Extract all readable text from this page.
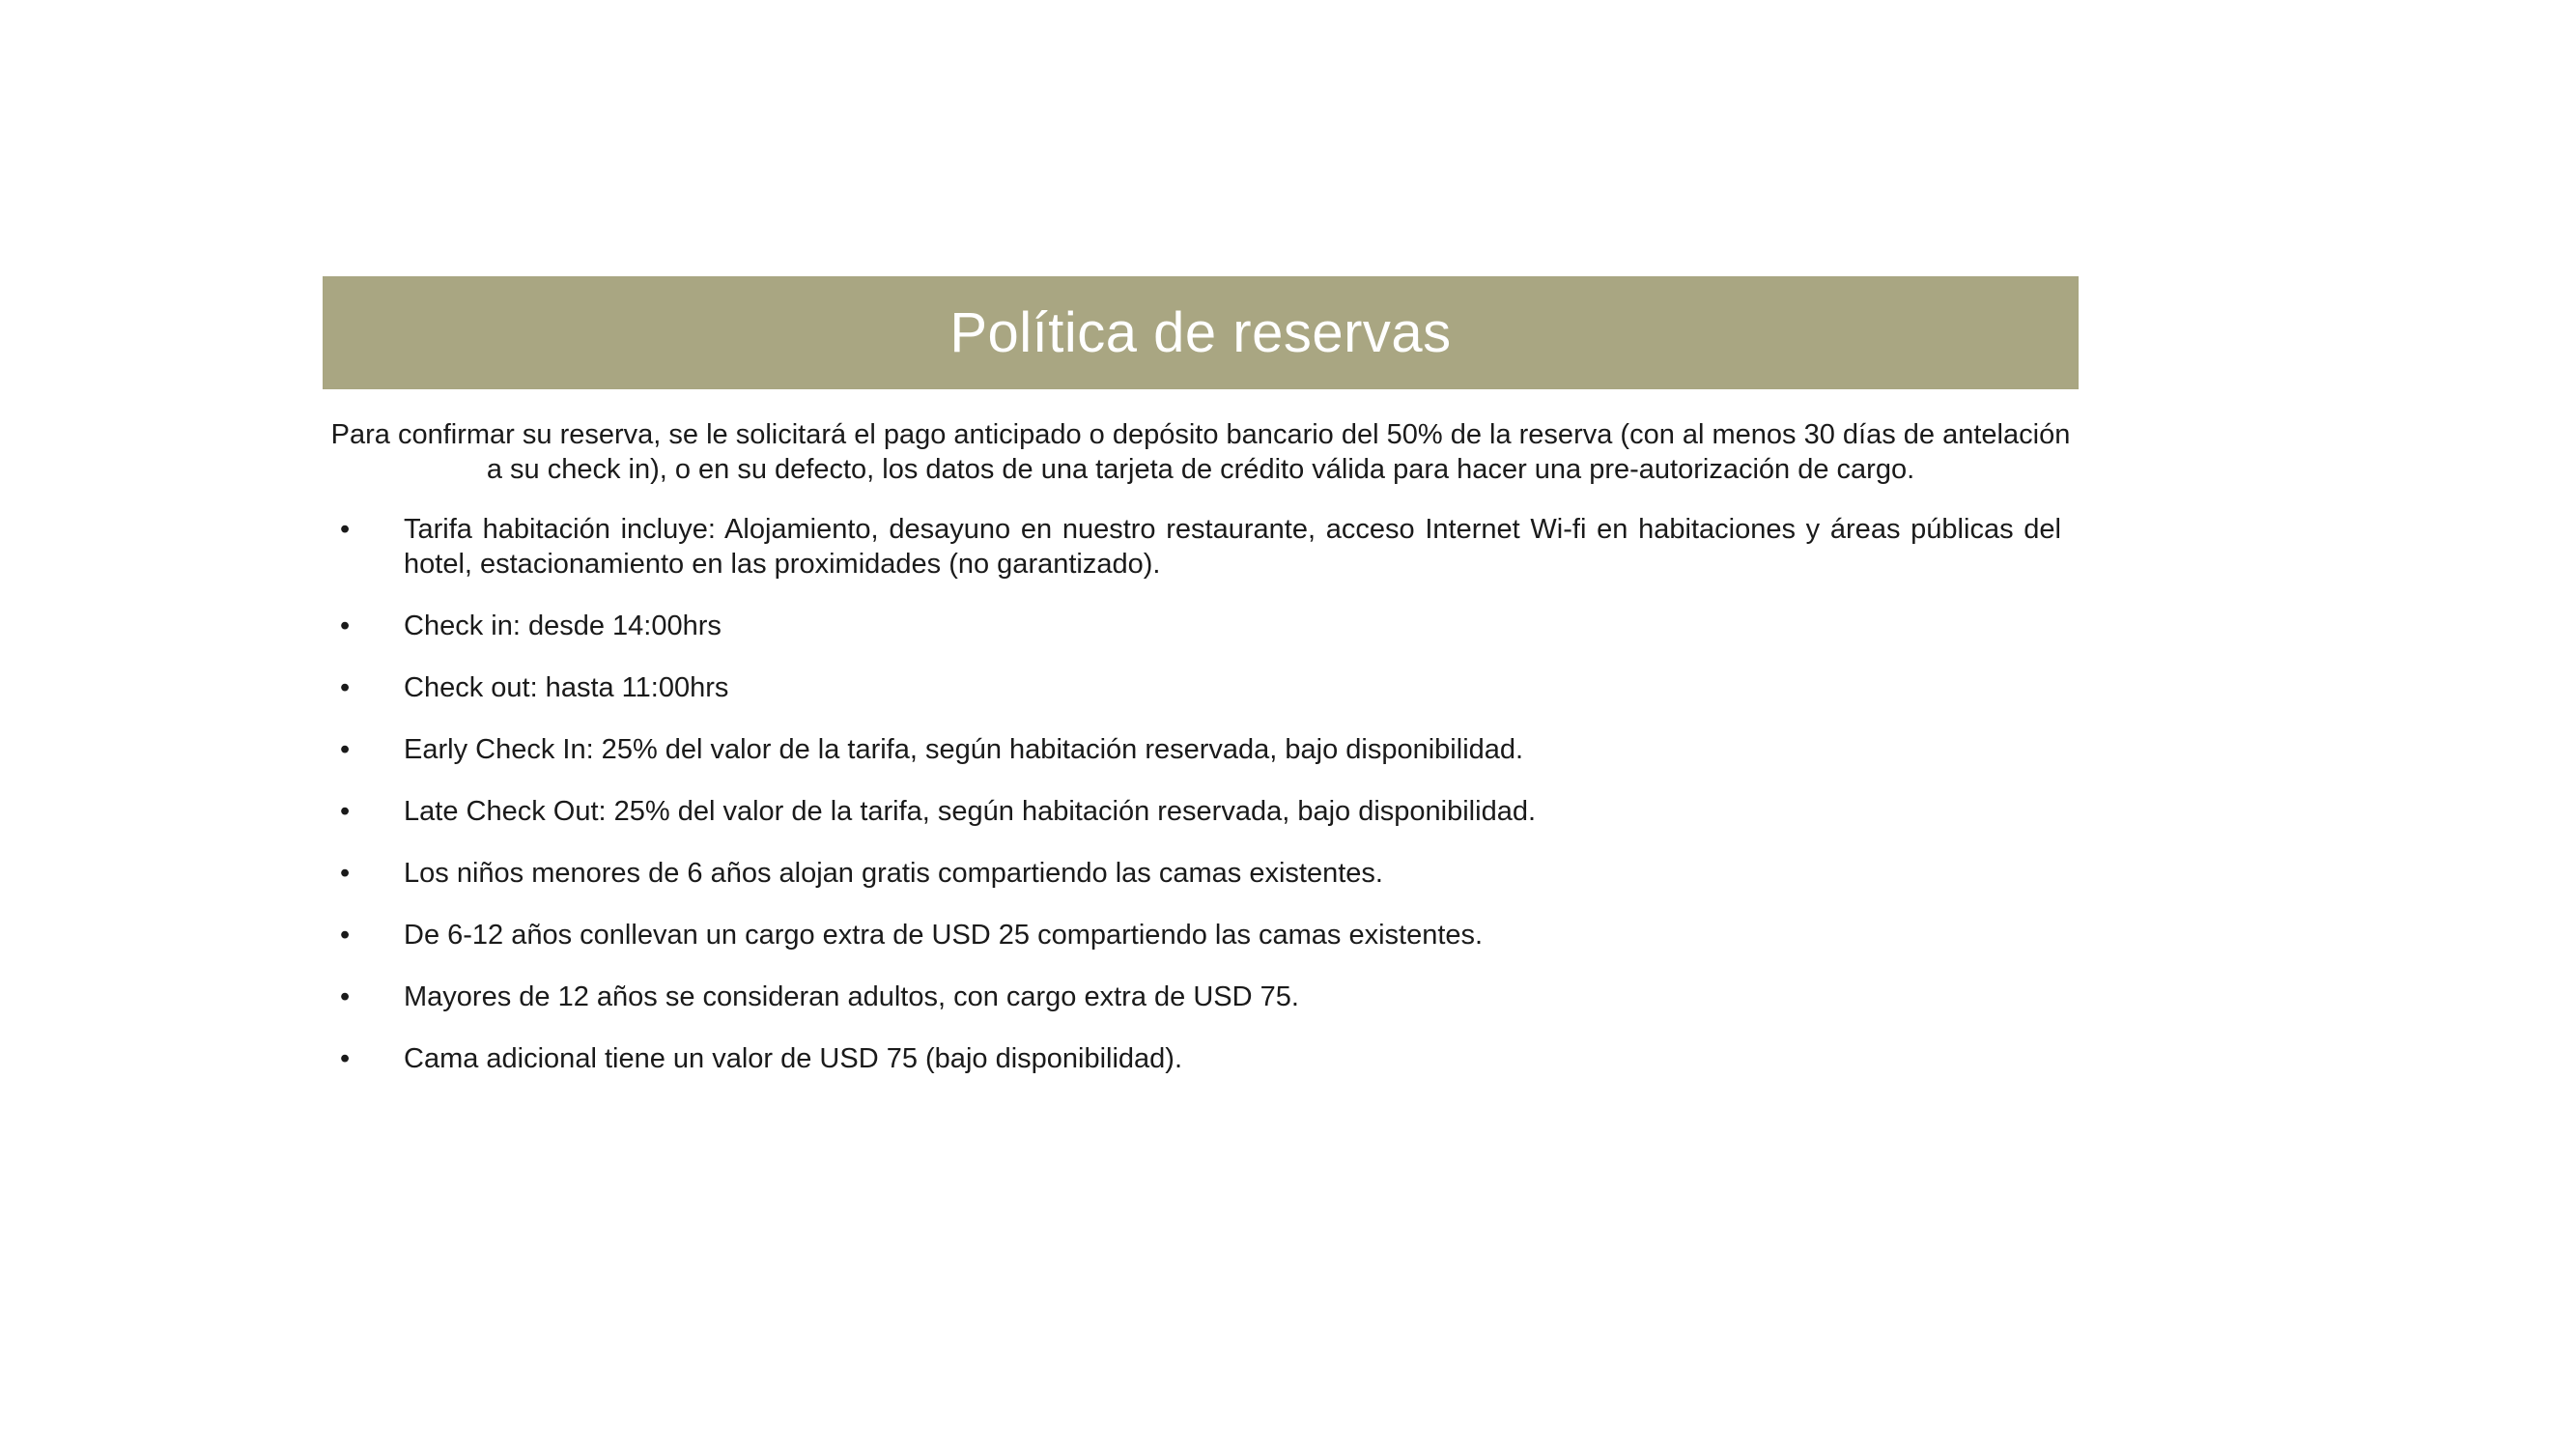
Política de reservas
Para confirmar su reserva, se le solicitará el pago anticipado o depósito bancario del 50% de la reserva (con al menos 30 días de antelación a su check in), o en su defecto, los datos de una tarjeta de crédito válida para hacer una pre-autorización de cargo.
•	Tarifa habitación incluye: Alojamiento, desayuno en nuestro restaurante, acceso Internet Wi-fi en habitaciones y áreas públicas del hotel, estacionamiento en las proximidades (no garantizado).
•	Check in: desde 14:00hrs
•	Check out: hasta 11:00hrs
•	Early Check In: 25% del valor de la tarifa, según habitación reservada, bajo disponibilidad.
•	Late Check Out: 25% del valor de la tarifa, según habitación reservada, bajo disponibilidad.
•	Los niños menores de 6 años alojan gratis compartiendo las camas existentes.
•	De 6-12 años conllevan un cargo extra de USD 25 compartiendo las camas existentes.
•	Mayores de 12 años se consideran adultos, con cargo extra de USD 75.
•	Cama adicional tiene un valor de USD 75 (bajo disponibilidad).
